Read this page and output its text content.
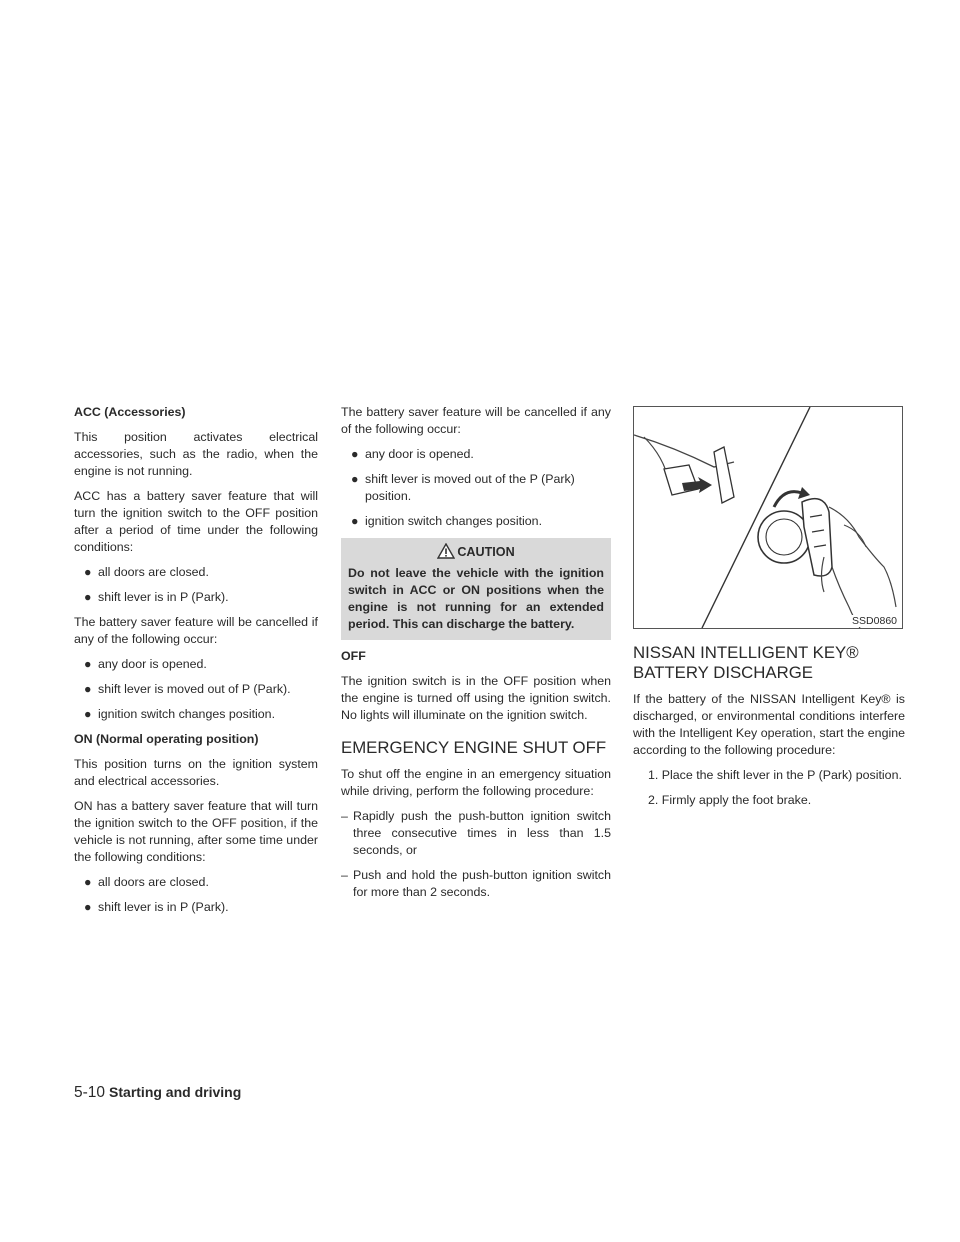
ACC (Accessories)

This position activates electrical accessories, such as the radio, when the engine is not running.

ACC has a battery saver feature that will turn the ignition switch to the OFF position after a period of time under the following conditions:

● all doors are closed.
● shift lever is in P (Park).

The battery saver feature will be cancelled if any of the following occur:

● any door is opened.
● shift lever is moved out of P (Park).
● ignition switch changes position.
ON (Normal operating position)

This position turns on the ignition system and electrical accessories.

ON has a battery saver feature that will turn the ignition switch to the OFF position, if the vehicle is not running, after some time under the following conditions:

● all doors are closed.
● shift lever is in P (Park).

The battery saver feature will be cancelled if any of the following occur:

● any door is opened.
● shift lever is moved out of the P (Park) position.
● ignition switch changes position.
CAUTION
Do not leave the vehicle with the ignition switch in ACC or ON positions when the engine is not running for an extended period. This can discharge the battery.
OFF

The ignition switch is in the OFF position when the engine is turned off using the ignition switch. No lights will illuminate on the ignition switch.

EMERGENCY ENGINE SHUT OFF

To shut off the engine in an emergency situation while driving, perform the following procedure:

– Rapidly push the push-button ignition switch three consecutive times in less than 1.5 seconds, or
– Push and hold the push-button ignition switch for more than 2 seconds.
SSD0860
NISSAN INTELLIGENT KEY®
BATTERY DISCHARGE

If the battery of the NISSAN Intelligent Key® is discharged, or environmental conditions interfere with the Intelligent Key operation, start the engine according to the following procedure:

1. Place the shift lever in the P (Park) position.
2. Firmly apply the foot brake.
5-10 Starting and driving
